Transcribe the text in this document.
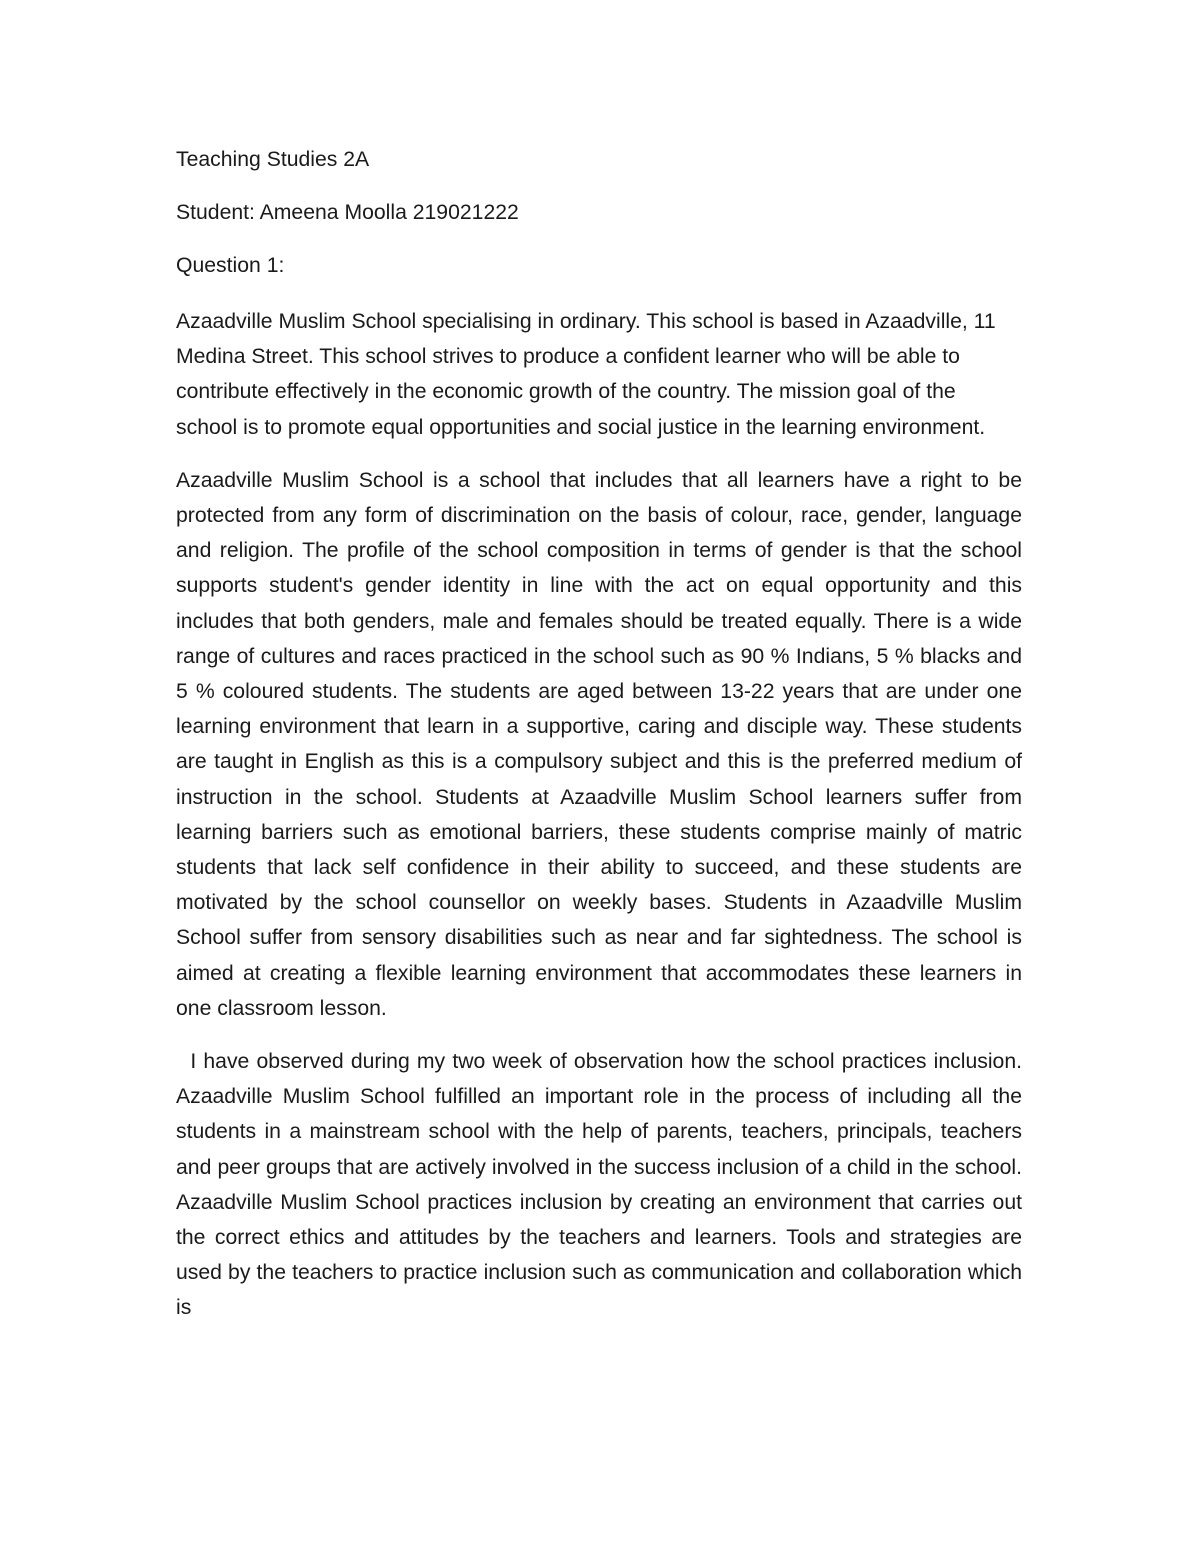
Teaching Studies 2A

Student: Ameena Moolla 219021222

Question 1:

Azaadville Muslim School specialising in ordinary. This school is based in Azaadville, 11 Medina Street. This school strives to produce a confident learner who will be able to contribute effectively in the economic growth of the country. The mission goal of the school is to promote equal opportunities and social justice in the learning environment.

Azaadville Muslim School is a school that includes that all learners have a right to be protected from any form of discrimination on the basis of colour, race, gender, language and religion. The profile of the school composition in terms of gender is that the school supports student's gender identity in line with the act on equal opportunity and this includes that both genders, male and females should be treated equally. There is a wide range of cultures and races practiced in the school such as 90 % Indians, 5 % blacks and 5 % coloured students. The students are aged between 13-22 years that are under one learning environment that learn in a supportive, caring and disciple way. These students are taught in English as this is a compulsory subject and this is the preferred medium of instruction in the school. Students at Azaadville Muslim School learners suffer from learning barriers such as emotional barriers, these students comprise mainly of matric students that lack self confidence in their ability to succeed, and these students are motivated by the school counsellor on weekly bases. Students in Azaadville Muslim School suffer from sensory disabilities such as near and far sightedness. The school is aimed at creating a flexible learning environment that accommodates these learners in one classroom lesson.

I have observed during my two week of observation how the school practices inclusion. Azaadville Muslim School fulfilled an important role in the process of including all the students in a mainstream school with the help of parents, teachers, principals, teachers and peer groups that are actively involved in the success inclusion of a child in the school. Azaadville Muslim School practices inclusion by creating an environment that carries out the correct ethics and attitudes by the teachers and learners. Tools and strategies are used by the teachers to practice inclusion such as communication and collaboration which is
